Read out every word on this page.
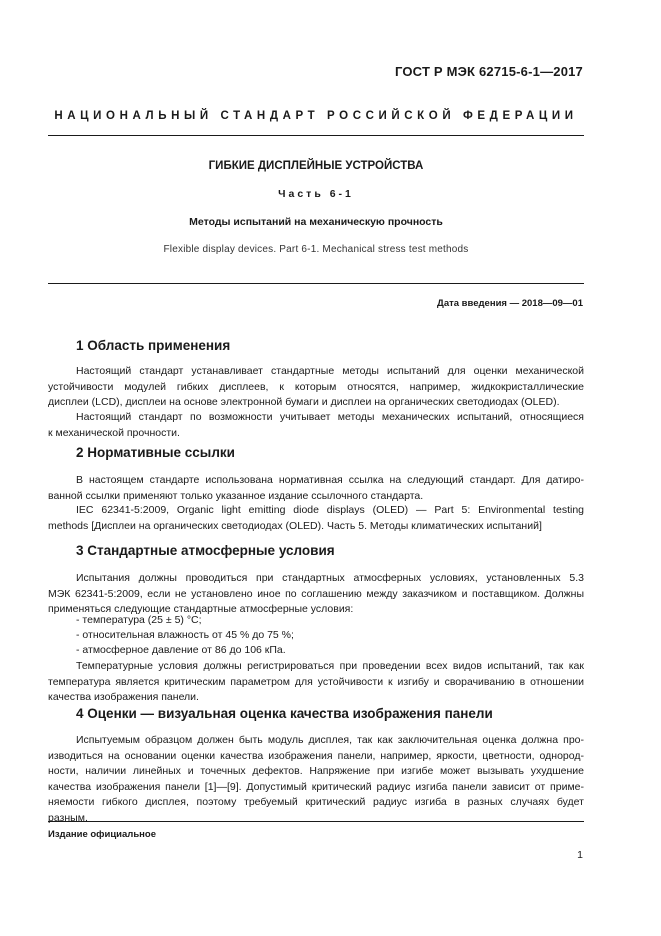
ГОСТ Р МЭК 62715-6-1—2017
НАЦИОНАЛЬНЫЙ СТАНДАРТ РОССИЙСКОЙ ФЕДЕРАЦИИ
ГИБКИЕ ДИСПЛЕЙНЫЕ УСТРОЙСТВА
Часть 6-1
Методы испытаний на механическую прочность
Flexible display devices. Part 6-1. Mechanical stress test methods
Дата введения — 2018—09—01
1 Область применения
Настоящий стандарт устанавливает стандартные методы испытаний для оценки механической
устойчивости модулей гибких дисплеев, к которым относятся, например, жидкокристаллические
дисплеи (LCD), дисплеи на основе электронной бумаги и дисплеи на органических светодиодах (OLED).
Настоящий стандарт по возможности учитывает методы механических испытаний, относящиеся
к механической прочности.
2 Нормативные ссылки
В настоящем стандарте использована нормативная ссылка на следующий стандарт. Для датиро-
ванной ссылки применяют только указанное издание ссылочного стандарта.
IEC 62341-5:2009, Organic light emitting diode displays (OLED) — Part 5: Environmental testing
methods [Дисплеи на органических светодиодах (OLED). Часть 5. Методы климатических испытаний]
3 Стандартные атмосферные условия
Испытания должны проводиться при стандартных атмосферных условиях, установленных 5.3
МЭК 62341-5:2009, если не установлено иное по соглашению между заказчиком и поставщиком. Должны
применяться следующие стандартные атмосферные условия:
- температура (25 ± 5) °С;
- относительная влажность от 45 % до 75 %;
- атмосферное давление от 86 до 106 кПа.
Температурные условия должны регистрироваться при проведении всех видов испытаний, так как
температура является критическим параметром для устойчивости к изгибу и сворачиванию в отношении
качества изображения панели.
4 Оценки — визуальная оценка качества изображения панели
Испытуемым образцом должен быть модуль дисплея, так как заключительная оценка должна про-
изводиться на основании оценки качества изображения панели, например, яркости, цветности, однород-
ности, наличии линейных и точечных дефектов. Напряжение при изгибе может вызывать ухудшение
качества изображения панели [1]—[9]. Допустимый критический радиус изгиба панели зависит от приме-
няемости гибкого дисплея, поэтому требуемый критический радиус изгиба в разных случаях будет
разным.
Издание официальное
1
